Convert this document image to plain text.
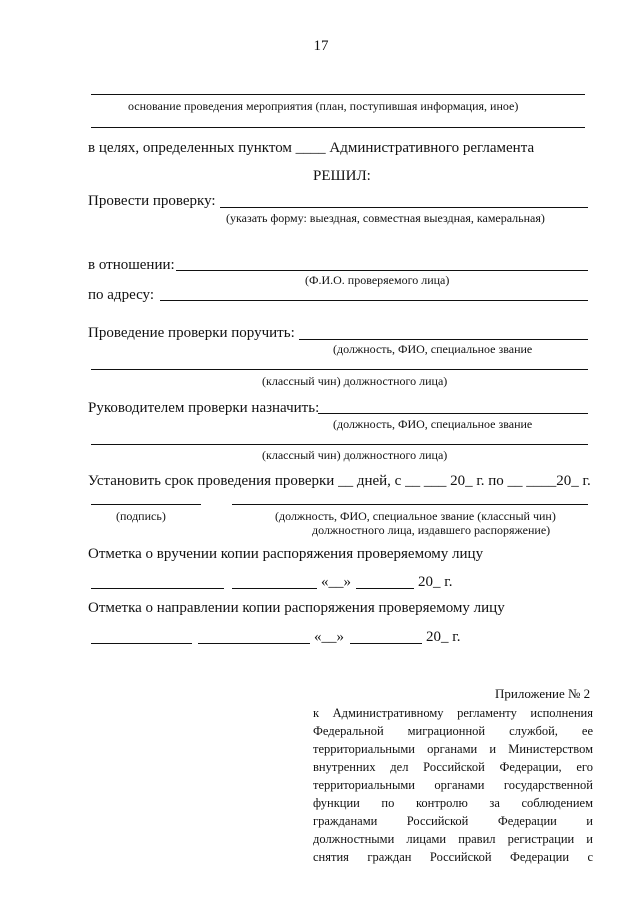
17
основание проведения мероприятия (план, поступившая информация, иное)
в целях, определенных пунктом ____ Административного регламента
РЕШИЛ:
Провести проверку:
(указать форму: выездная, совместная выездная, камеральная)
в отношении:
(Ф.И.О. проверяемого лица)
по адресу:
Проведение проверки поручить:
(должность, ФИО, специальное звание
(классный чин) должностного лица)
Руководителем проверки назначить:
(должность, ФИО, специальное звание
(классный чин) должностного лица)
Установить срок проведения проверки __ дней, с __ ___ 20_ г. по __ ____20_ г.
(подпись)	(должность, ФИО, специальное звание (классный чин)
должностного лица, издавшего распоряжение)
Отметка о вручении копии распоряжения проверяемому лицу
«__»	20_ г.
Отметка о направлении копии распоряжения проверяемому лицу
«__»	20_ г.
Приложение № 2
к Административному регламенту исполнения
Федеральной миграционной службой, ее
территориальными органами и Министерством
внутренних дел Российской Федерации, его
территориальными органами государственной
функции по контролю за соблюдением
гражданами Российской Федерации и
должностными лицами правил регистрации и
снятия граждан Российской Федерации с
